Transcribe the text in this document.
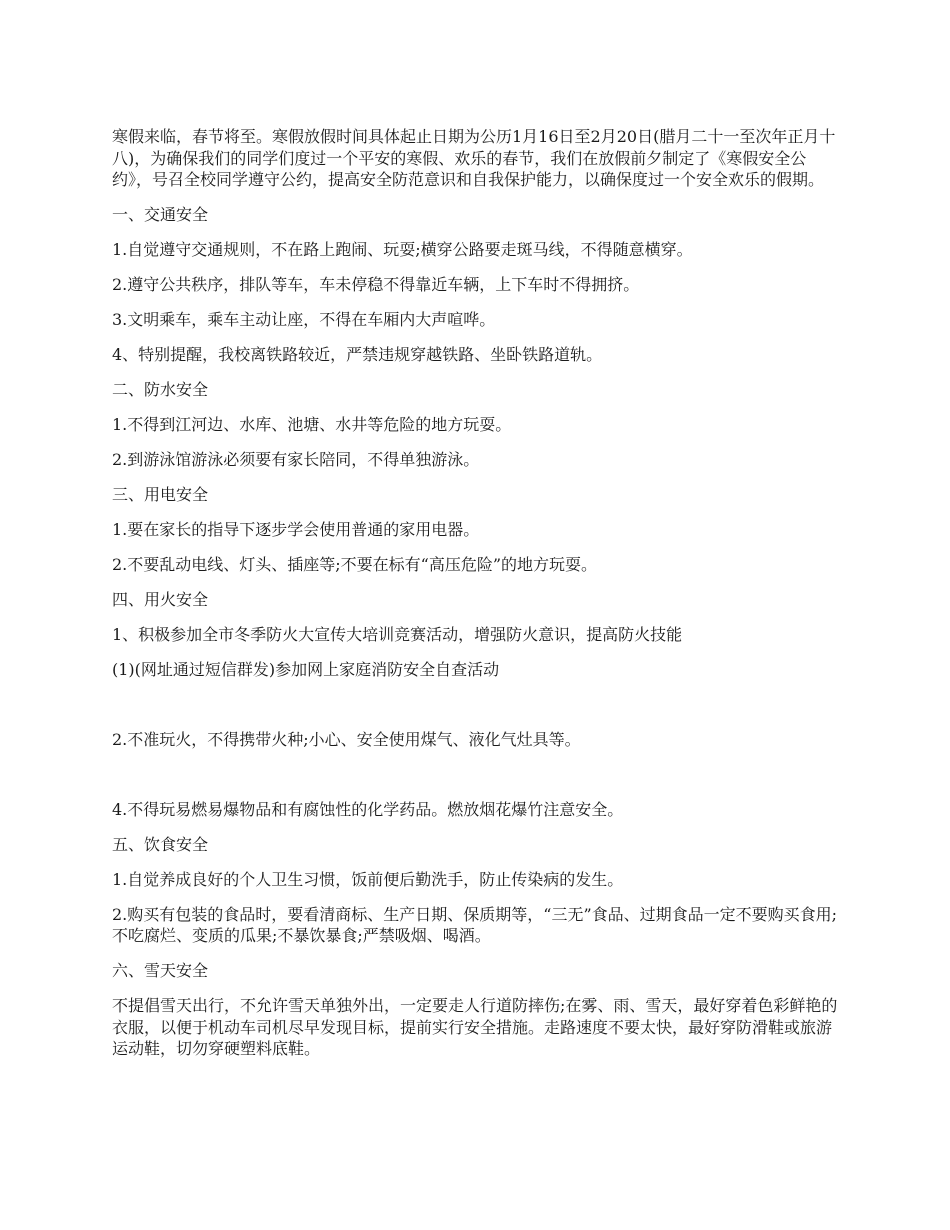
寒假来临，春节将至。寒假放假时间具体起止日期为公历1月16日至2月20日(腊月二十一至次年正月十八)，为确保我们的同学们度过一个平安的寒假、欢乐的春节，我们在放假前夕制定了《寒假安全公约》，号召全校同学遵守公约，提高安全防范意识和自我保护能力，以确保度过一个安全欢乐的假期。

一、交通安全
1.自觉遵守交通规则，不在路上跑闹、玩耍;横穿公路要走斑马线，不得随意横穿。
2.遵守公共秩序，排队等车，车未停稳不得靠近车辆，上下车时不得拥挤。
3.文明乘车，乘车主动让座，不得在车厢内大声喧哗。
4、特别提醒，我校离铁路较近，严禁违规穿越铁路、坐卧铁路道轨。
二、防水安全
1.不得到江河边、水库、池塘、水井等危险的地方玩耍。
2.到游泳馆游泳必须要有家长陪同，不得单独游泳。
三、用电安全
1.要在家长的指导下逐步学会使用普通的家用电器。
2.不要乱动电线、灯头、插座等;不要在标有“高压危险”的地方玩耍。
四、用火安全
1、积极参加全市冬季防火大宣传大培训竞赛活动，增强防火意识，提高防火技能
(1)(网址通过短信群发)参加网上家庭消防安全自查活动
2.不准玩火，不得携带火种;小心、安全使用煤气、液化气灶具等。
4.不得玩易燃易爆物品和有腐蚀性的化学药品。燃放烟花爆竹注意安全。
五、饮食安全
1.自觉养成良好的个人卫生习惯，饭前便后勤洗手，防止传染病的发生。

2.购买有包装的食品时，要看清商标、生产日期、保质期等，“三无”食品、过期食品一定不要购买食用;不吃腐烂、变质的瓜果;不暴饮暴食;严禁吸烟、喝酒。

六、雪天安全

不提倡雪天出行，不允许雪天单独外出，一定要走人行道防摔伤;在雾、雨、雪天，最好穿着色彩鲜艳的衣服，以便于机动车司机尽早发现目标，提前实行安全措施。走路速度不要太快，最好穿防滑鞋或旅游运动鞋，切勿穿硬塑料底鞋。
